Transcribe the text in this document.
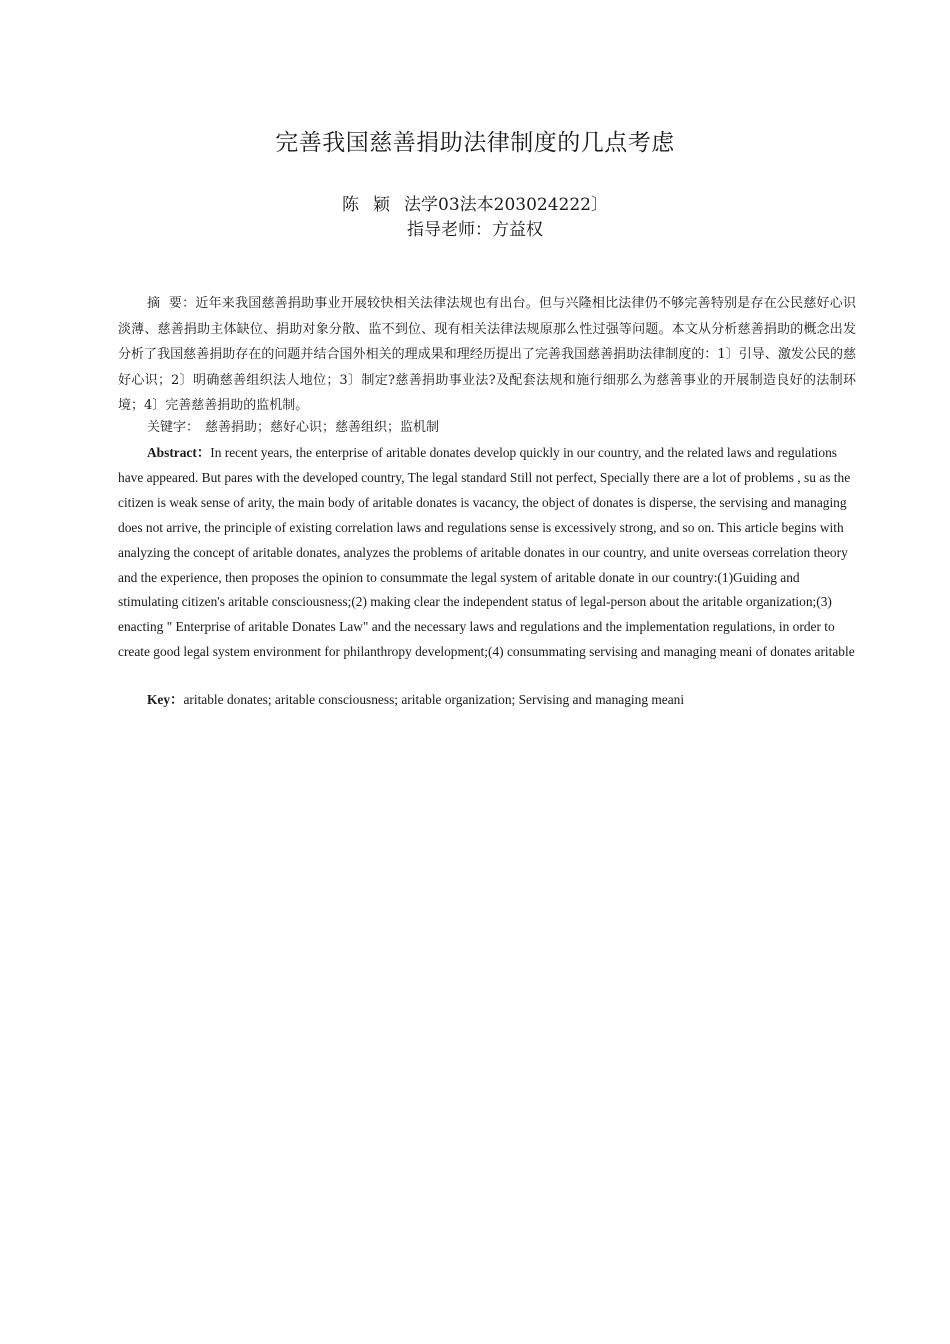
完善我国慈善捐助法律制度的几点考虑
陈 颖 法学03法本203024222〕
指导老师：方益权
摘  要：近年来我国慈善捐助事业开展较快相关法律法规也有出台。但与兴隆相比法律仍不够完善特别是存在公民慈好心识淡薄、慈善捐助主体缺位、捐助对象分散、监不到位、现有相关法律法规原那么性过强等问题。本文从分析慈善捐助的概念出发分析了我国慈善捐助存在的问题并结合国外相关的理成果和理经历提出了完善我国慈善捐助法律制度的：1〕引导、激发公民的慈好心识；2〕明确慈善组织法人地位；3〕制定?慈善捐助事业法?及配套法规和施行细那么为慈善事业的开展制造良好的法制环境；4〕完善慈善捐助的监机制。
关键字： 慈善捐助；慈好心识；慈善组织；监机制
Abstract：In recent years, the enterprise of aritable donates develop quickly in our country, and the related laws and regulations have appeared. But pares with the developed country, The legal standard Still not perfect, Specially there are a lot of problems , su as the citizen is weak sense of arity, the main body of aritable donates is vacancy, the object of donates is disperse, the servising and managing does not arrive, the principle of existing correlation laws and regulations sense is excessively strong, and so on. This article begins with analyzing the concept of aritable donates, analyzes the problems of aritable donates in our country, and unite overseas correlation theory and the experience, then proposes the opinion to consummate the legal system of aritable donate in our country:(1)Guiding and stimulating citizen's aritable consciousness;(2) making clear the independent status of legal-person about the aritable organization;(3) enacting " Enterprise of aritable Donates Law" and the necessary laws and regulations and the implementation regulations, in order to create good legal system environment for philanthropy development;(4) consummating servising and managing meani of donates aritable
Key：aritable donates; aritable consciousness; aritable organization; Servising and managing meani
